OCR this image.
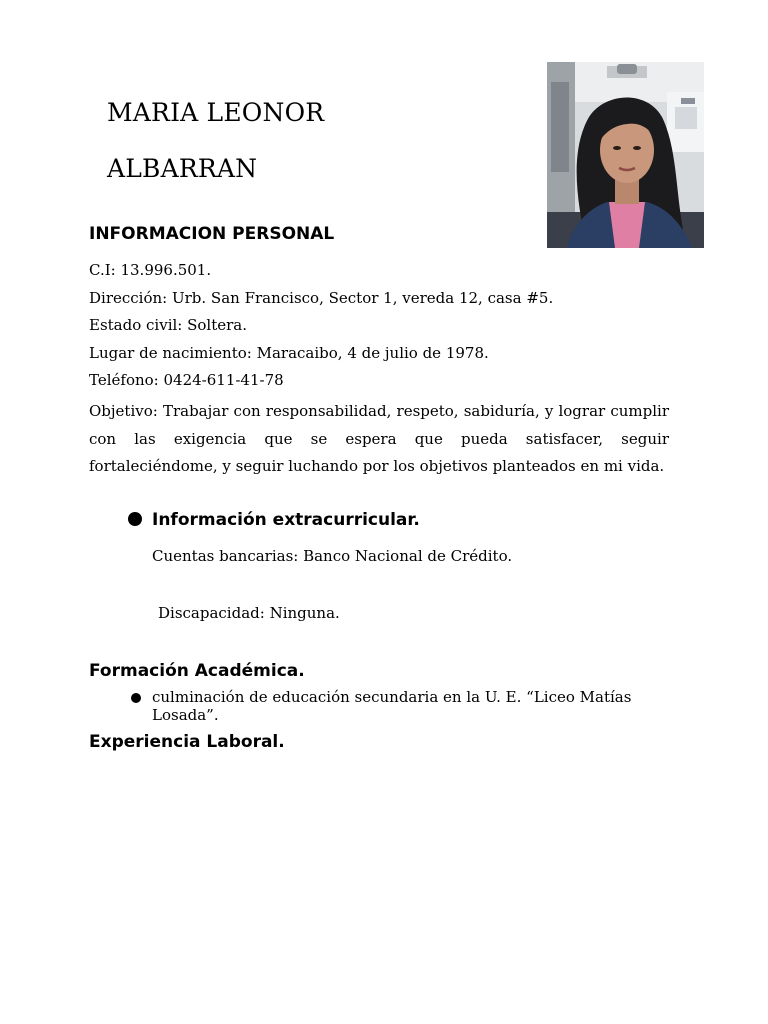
MARIA LEONOR
ALBARRAN
INFORMACION PERSONAL
C.I: 13.996.501.
Dirección: Urb. San Francisco, Sector 1, vereda 12, casa #5.
Estado civil: Soltera.
Lugar de nacimiento: Maracaibo, 4 de julio de 1978.
Teléfono: 0424-611-41-78
Objetivo: Trabajar con responsabilidad, respeto, sabiduría, y lograr cumplir con las exigencia que se espera que pueda satisfacer, seguir fortaleciéndome, y seguir luchando por los objetivos planteados en mi vida.
Información extracurricular.
Cuentas bancarias: Banco Nacional de Crédito.
Discapacidad: Ninguna.
Formación Académica.
culminación de educación secundaria en la U. E. “Liceo Matías Losada”.
Experiencia Laboral.
